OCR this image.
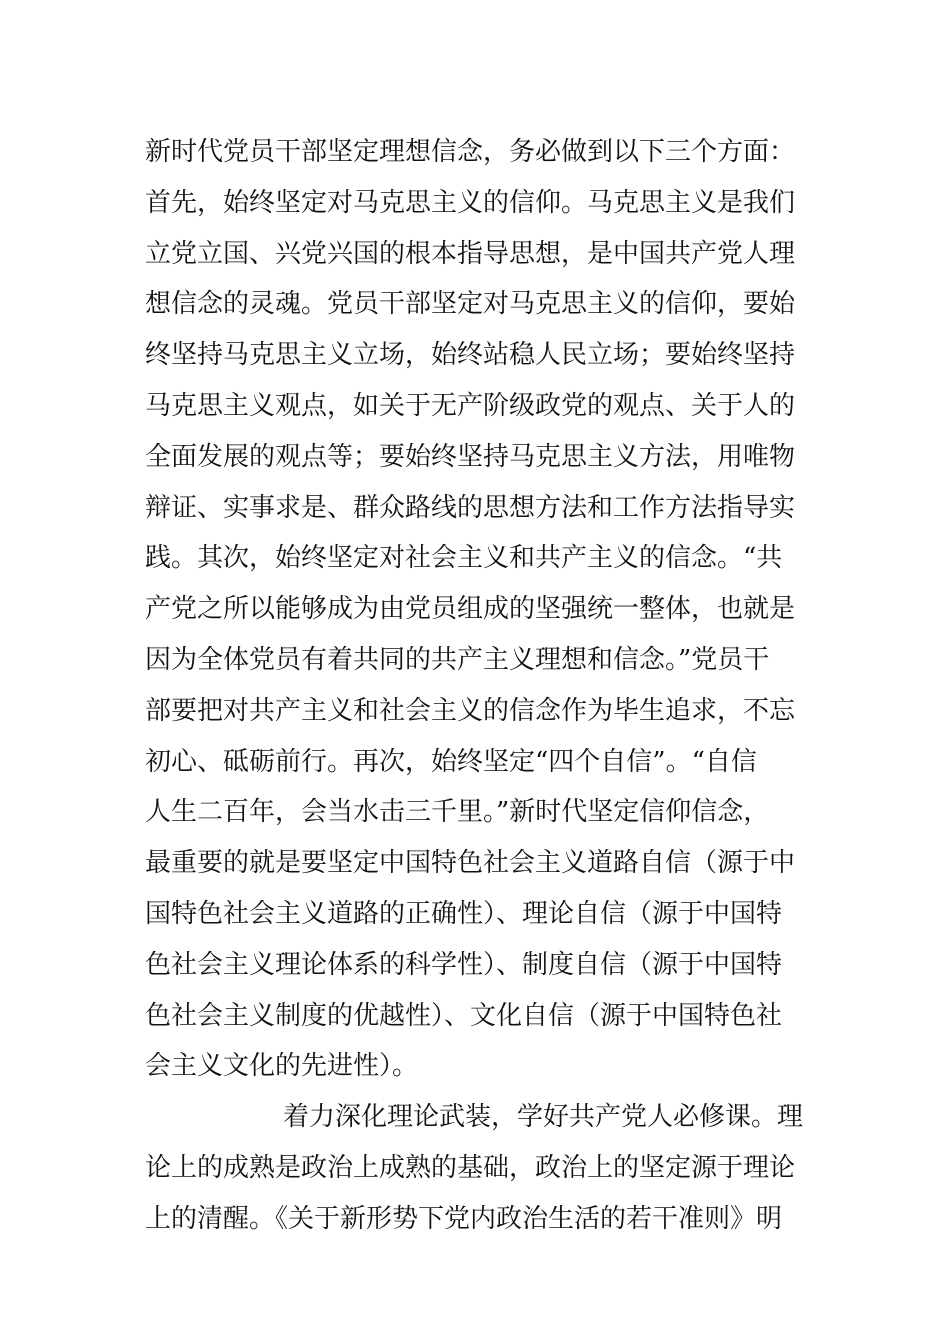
新时代党员干部坚定理想信念，务必做到以下三个方面：
首先，始终坚定对马克思主义的信仰。马克思主义是我们
立党立国、兴党兴国的根本指导思想，是中国共产党人理
想信念的灵魂。党员干部坚定对马克思主义的信仰，要始
终坚持马克思主义立场，始终站稳人民立场；要始终坚持
马克思主义观点，如关于无产阶级政党的观点、关于人的
全面发展的观点等；要始终坚持马克思主义方法，用唯物
辩证、实事求是、群众路线的思想方法和工作方法指导实
践。其次，始终坚定对社会主义和共产主义的信念。“共
产党之所以能够成为由党员组成的坚强统一整体，也就是
因为全体党员有着共同的共产主义理想和信念。”党员干
部要把对共产主义和社会主义的信念作为毕生追求，不忘
初心、砥砺前行。再次，始终坚定“四个自信”。“自信
人生二百年，会当水击三千里。”新时代坚定信仰信念，
最重要的就是要坚定中国特色社会主义道路自信（源于中
国特色社会主义道路的正确性）、理论自信（源于中国特
色社会主义理论体系的科学性）、制度自信（源于中国特
色社会主义制度的优越性）、文化自信（源于中国特色社
会主义文化的先进性）。
着力深化理论武装，学好共产党人必修课。理
论上的成熟是政治上成熟的基础，政治上的坚定源于理论
上的清醒。《关于新形势下党内政治生活的若干准则》明
